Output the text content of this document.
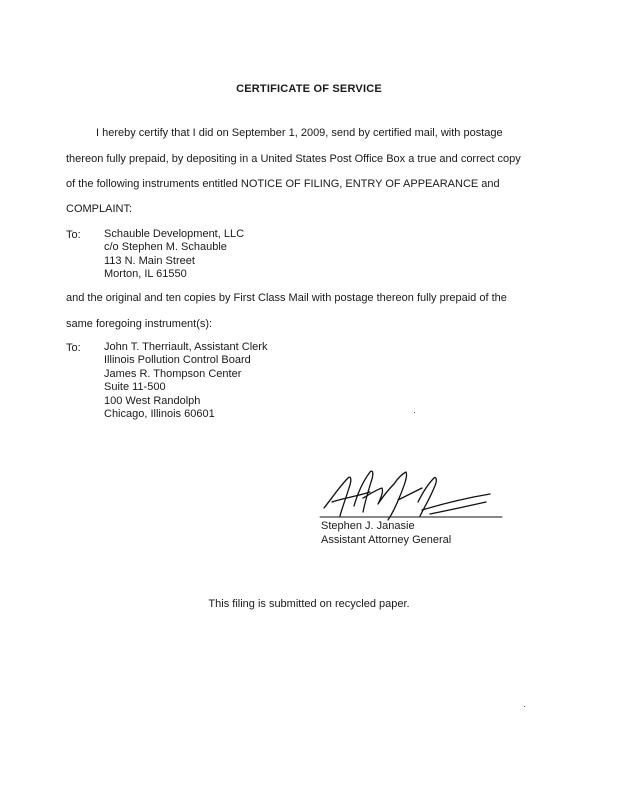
CERTIFICATE OF SERVICE
I hereby certify that I did on September 1, 2009, send by certified mail, with postage
thereon fully prepaid, by depositing in a United States Post Office Box a true and correct copy
of the following instruments entitled NOTICE OF FILING, ENTRY OF APPEARANCE and
COMPLAINT:
To: Schauble Development, LLC
c/o Stephen M. Schauble
113 N. Main Street
Morton, IL 61550
and the original and ten copies by First Class Mail with postage thereon fully prepaid of the
same foregoing instrument(s):
To: John T. Therriault, Assistant Clerk
Illinois Pollution Control Board
James R. Thompson Center
Suite 11-500
100 West Randolph
Chicago, Illinois 60601
Stephen J. Janasie
Assistant Attorney General
This filing is submitted on recycled paper.
